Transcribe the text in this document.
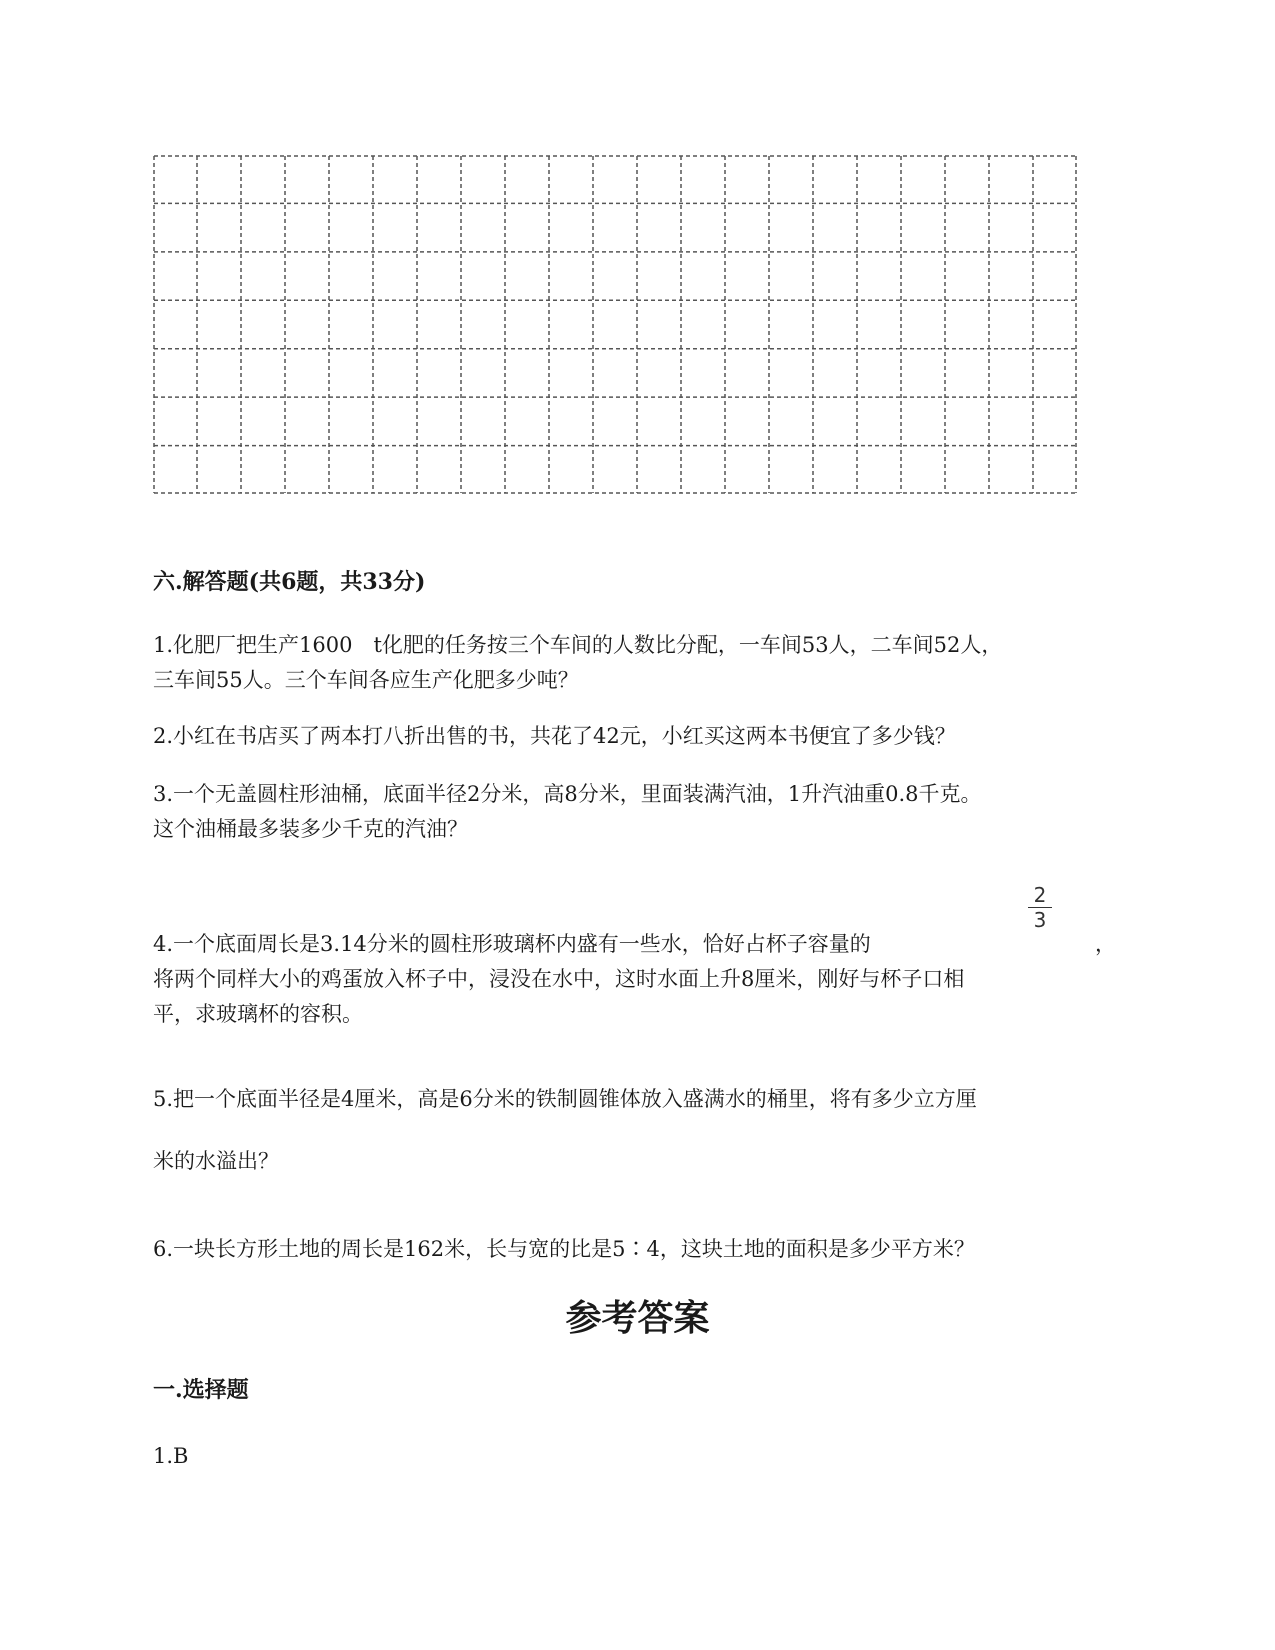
六.解答题(共6题，共33分)

1.化肥厂把生产1600　t化肥的任务按三个车间的人数比分配，一车间53人，二车间52人，

三车间55人。三个车间各应生产化肥多少吨？

2.小红在书店买了两本打八折出售的书，共花了42元，小红买这两本书便宜了多少钱？

3.一个无盖圆柱形油桶，底面半径2分米，高8分米，里面装满汽油，1升汽油重0.8千克。

这个油桶最多装多少千克的汽油？

2
3

4.一个底面周长是3.14分米的圆柱形玻璃杯内盛有一些水，恰好占杯子容量的	，

将两个同样大小的鸡蛋放入杯子中，浸没在水中，这时水面上升8厘米，刚好与杯子口相

平，求玻璃杯的容积。

5.把一个底面半径是4厘米，高是6分米的铁制圆锥体放入盛满水的桶里，将有多少立方厘

米的水溢出？

6.一块长方形土地的周长是162米，长与宽的比是5∶4，这块土地的面积是多少平方米？

参考答案

一.选择题

1.B
